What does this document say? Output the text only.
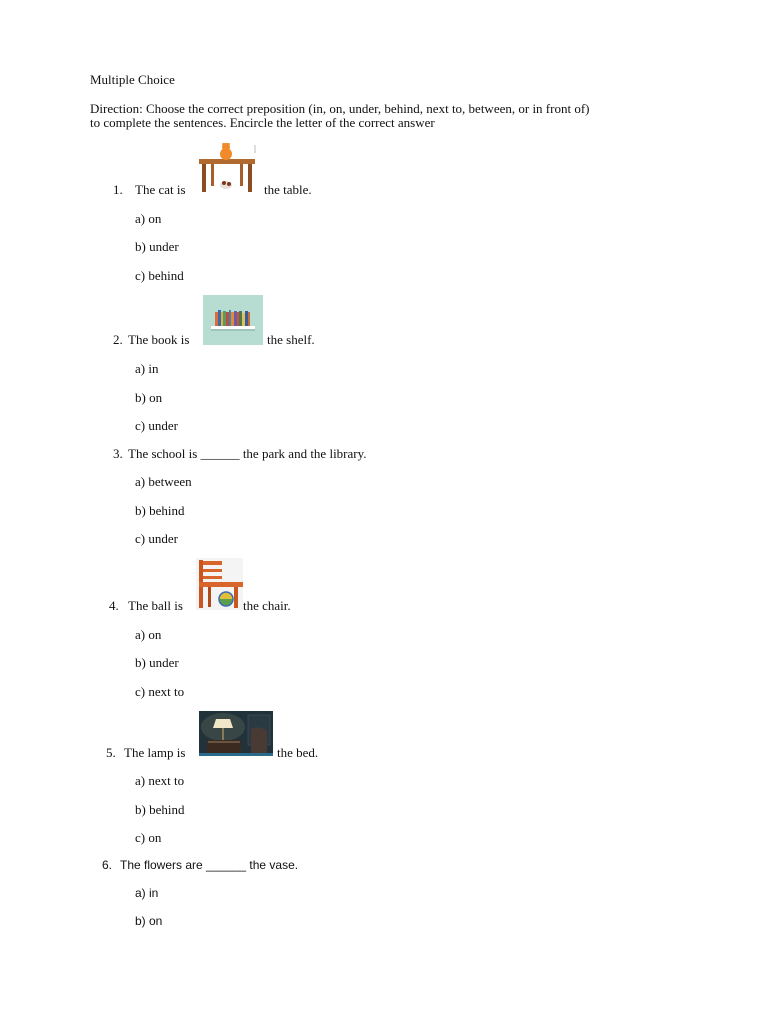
Multiple Choice
Direction: Choose the correct preposition (in, on, under, behind, next to, between, or in front of)
to complete the sentences. Encircle the letter of the correct answer
1. The cat is	the table.
a) on
b) under
c) behind
2. The book is	the shelf.
a) in
b) on
c) under
3. The school is ______ the park and the library.
a) between
b) behind
c) under
4. The ball is	the chair.
a) on
b) under
c) next to
5. The lamp is	the bed.
a) next to
b) behind
c) on
6. The flowers are ______ the vase.
a) in
b) on
